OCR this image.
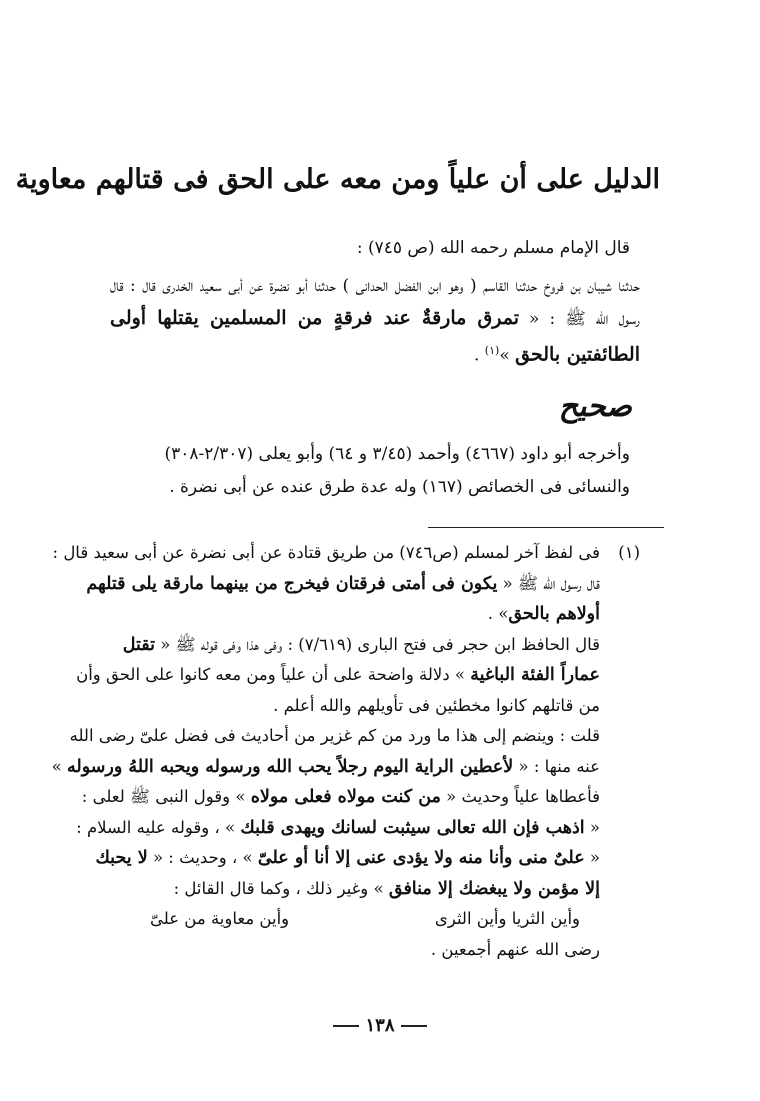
الدليل على أن علياً ومن معه على الحق فى قتالهم معاوية
قال الإمام مسلم رحمه الله (ص ٧٤٥) :
حدثنا شيبان بن فروخ حدثنا القاسم ( وهو ابن الفضل الحدانى ) حدثنا أبو نضرة عن أبى سعيد الخدرى قال : قال رسول الله ﷺ : « تمرق مارقةٌ عند فرقةٍ من المسلمين يقتلها أولى الطائفتين بالحق »$^{(١)}$ .
صحيح
وأخرجه أبو داود (٤٦٦٧) وأحمد (٣/٤٥ و ٦٤) وأبو يعلى (٢/٣٠٧-٣٠٨)
والنسائى فى الخصائص (١٦٧) وله عدة طرق عنده عن أبى نضرة .
(١)
فى لفظ آخر لمسلم (ص٧٤٦) من طريق قتادة عن أبى نضرة عن أبى سعيد قال :
قال رسول الله ﷺ « يكون فى أمتى فرقتان فيخرج من بينهما مارقة يلى قتلهم
أولاهم بالحق» .
قال الحافظ ابن حجر فى فتح البارى (٧/٦١٩) : وفى هذا وفى قوله ﷺ « تقتل
عماراً الفئة الباغية » دلالة واضحة على أن علياً ومن معه كانوا على الحق وأن
من قاتلهم كانوا مخطئين فى تأويلهم والله أعلم .
قلت : وينضم إلى هذا ما ورد من كم غزير من أحاديث فى فضل علىّ رضى الله
عنه منها : « لأعطين الراية اليوم رجلاً يحب الله ورسوله ويحبه اللهُ ورسوله »
فأعطاها علياً وحديث « من كنت مولاه فعلى مولاه » وقول النبى ﷺ لعلى :
« اذهب فإن الله تعالى سيثبت لسانك ويهدى قلبك » ، وقوله عليه السلام :
« علىٌ منى وأنا منه ولا يؤدى عنى إلا أنا أو علىّ » ، وحديث : « لا يحبك
إلا مؤمن ولا يبغضك إلا منافق » وغير ذلك ، وكما قال القائل :
وأين الثريا وأين الثرى
وأين معاوية من علىّ
رضى الله عنهم أجمعين .
١٣٨
